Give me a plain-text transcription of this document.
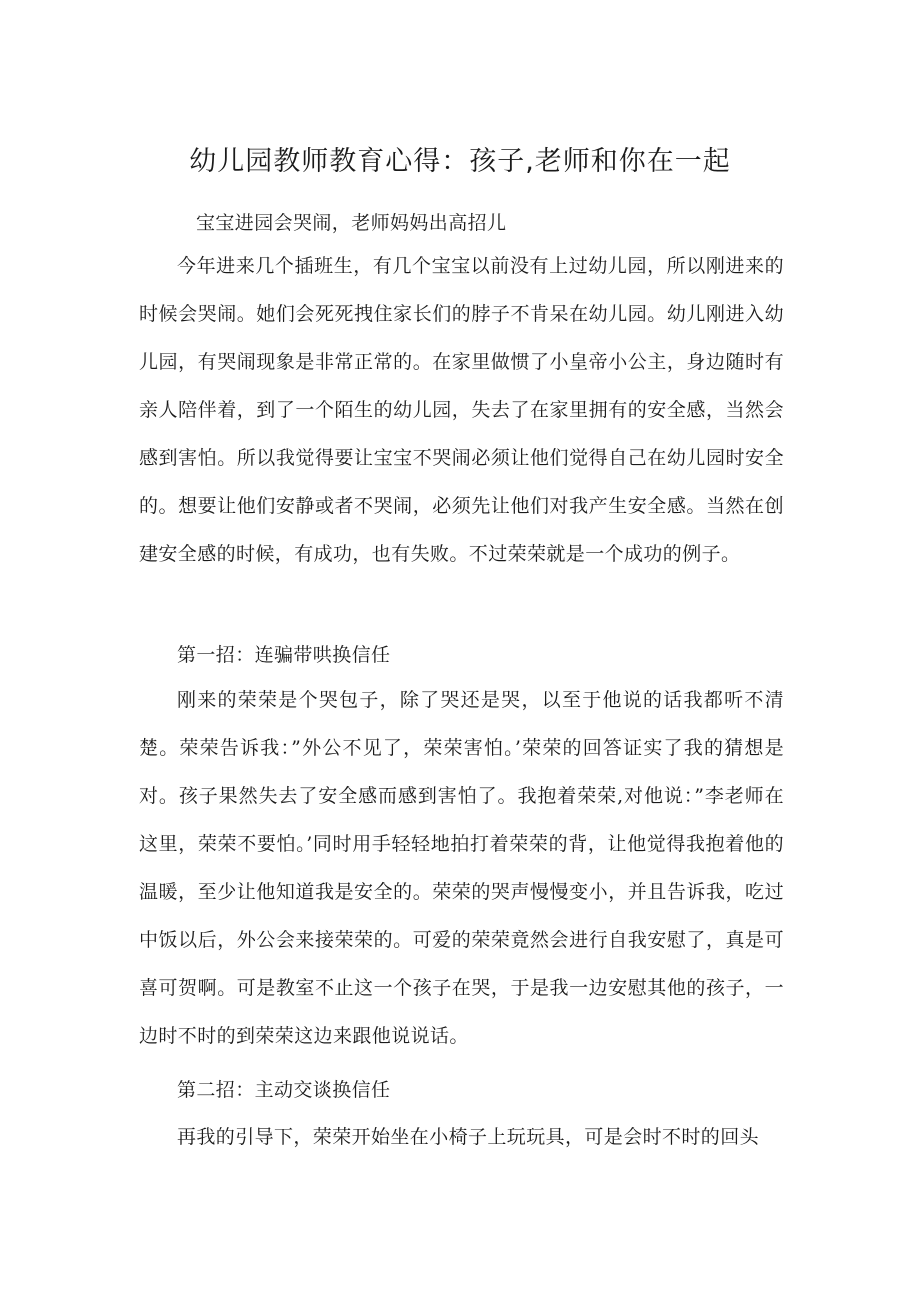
幼儿园教师教育心得：孩子,老师和你在一起

宝宝进园会哭闹，老师妈妈出高招儿

今年进来几个插班生，有几个宝宝以前没有上过幼儿园，所以刚进来的时候会哭闹。她们会死死拽住家长们的脖子不肯呆在幼儿园。幼儿刚进入幼儿园，有哭闹现象是非常正常的。在家里做惯了小皇帝小公主，身边随时有亲人陪伴着，到了一个陌生的幼儿园，失去了在家里拥有的安全感，当然会感到害怕。所以我觉得要让宝宝不哭闹必须让他们觉得自己在幼儿园时安全的。想要让他们安静或者不哭闹，必须先让他们对我产生安全感。当然在创建安全感的时候，有成功，也有失败。不过荣荣就是一个成功的例子。

第一招：连骗带哄换信任

刚来的荣荣是个哭包子，除了哭还是哭，以至于他说的话我都听不清楚。荣荣告诉我：”外公不见了，荣荣害怕。’荣荣的回答证实了我的猜想是对。孩子果然失去了安全感而感到害怕了。我抱着荣荣,对他说：”李老师在这里，荣荣不要怕。’同时用手轻轻地拍打着荣荣的背，让他觉得我抱着他的温暖，至少让他知道我是安全的。荣荣的哭声慢慢变小，并且告诉我，吃过中饭以后，外公会来接荣荣的。可爱的荣荣竟然会进行自我安慰了，真是可喜可贺啊。可是教室不止这一个孩子在哭，于是我一边安慰其他的孩子，一边时不时的到荣荣这边来跟他说说话。

第二招：主动交谈换信任

再我的引导下，荣荣开始坐在小椅子上玩玩具，可是会时不时的回头
